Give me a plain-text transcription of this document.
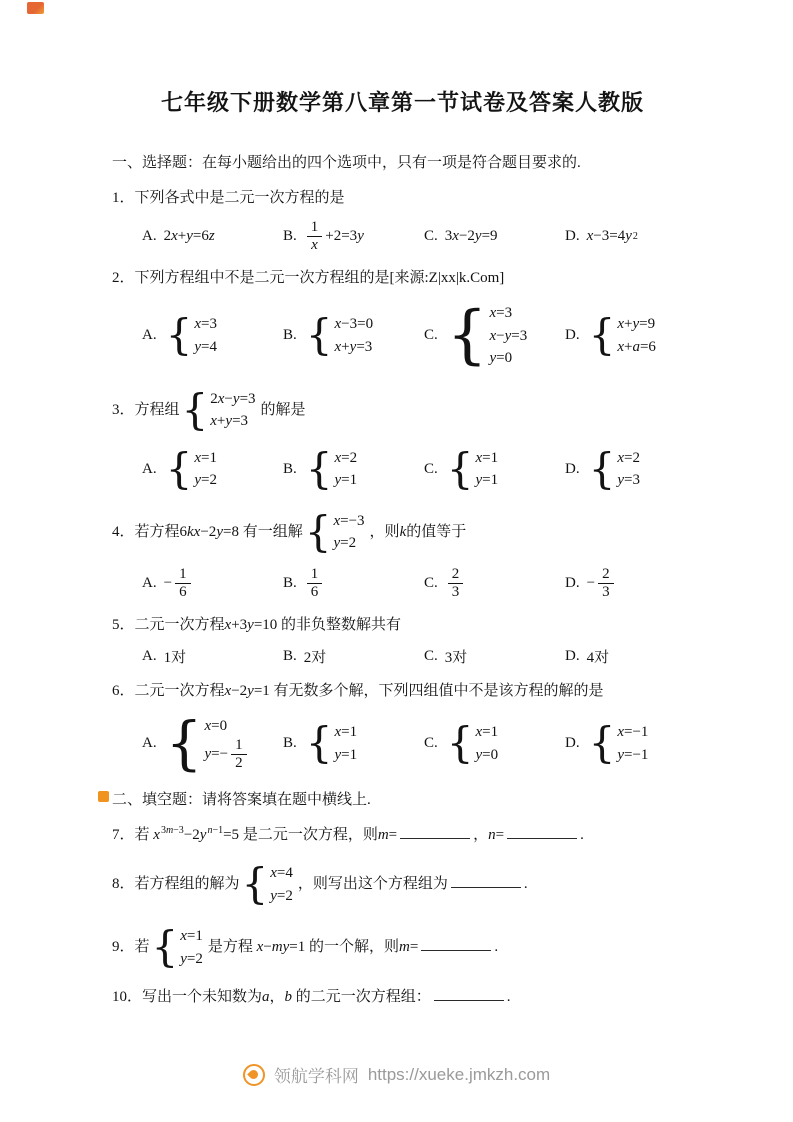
七年级下册数学第八章第一节试卷及答案人教版
一、选择题：在每小题给出的四个选项中，只有一项是符合题目要求的.
1．下列各式中是二元一次方程的是
A. 2x+y=6z	B. $\frac{1}{x} +2=3y$	C. 3x−2y=9	D. x−3=4y 2
2．下列方程组中不是二元一次方程组的是[来源:Z|xx|k.Com]
A. { x=3
y=4
B. { x−3=0
x+y=3
C. { x=3
x−y=3
y=0
D. { x+y=9
x+a=6
3．方程组 { 2x−y=3
x+y=3
的解是
A. { x=1
y=2
B. { x=2
y=1
C. { x=1
y=1
D. { x=2
y=3
4．若方程6kx−2y=8 有一组解 { x=−3
y=2
，则k的值等于
A. − $\frac{1}{6}$	B. $\frac{1}{6}$	C. $\frac{2}{3}$	D. − $\frac{2}{3}$
5．二元一次方程x+3y=10 的非负整数解共有
A. 1对	B. 2对	C. 3对	D. 4对
6．二元一次方程x−2y=1 有无数多个解，下列四组值中不是该方程的解的是
A. { x=0
$y=- \frac{1}{2} B$. { x=1
y=1
C. { x=1
y=0
D. { x=−1
y=−1
二、填空题：请将答案填在题中横线上.
7．若 $x^{3m-3}-2y^{n-1}=5$ 是二元一次方程，则m=	，n=	.
8．若方程组的解为 { x=4
y=2
，则写出这个方程组为	.
9．若 { x=1
y=2
是方程 x−my=1 的一个解，则m=	.
10．写出一个未知数为a，b 的二元一次方程组：	.
领航学科网 https://xueke.jmkzh.com
